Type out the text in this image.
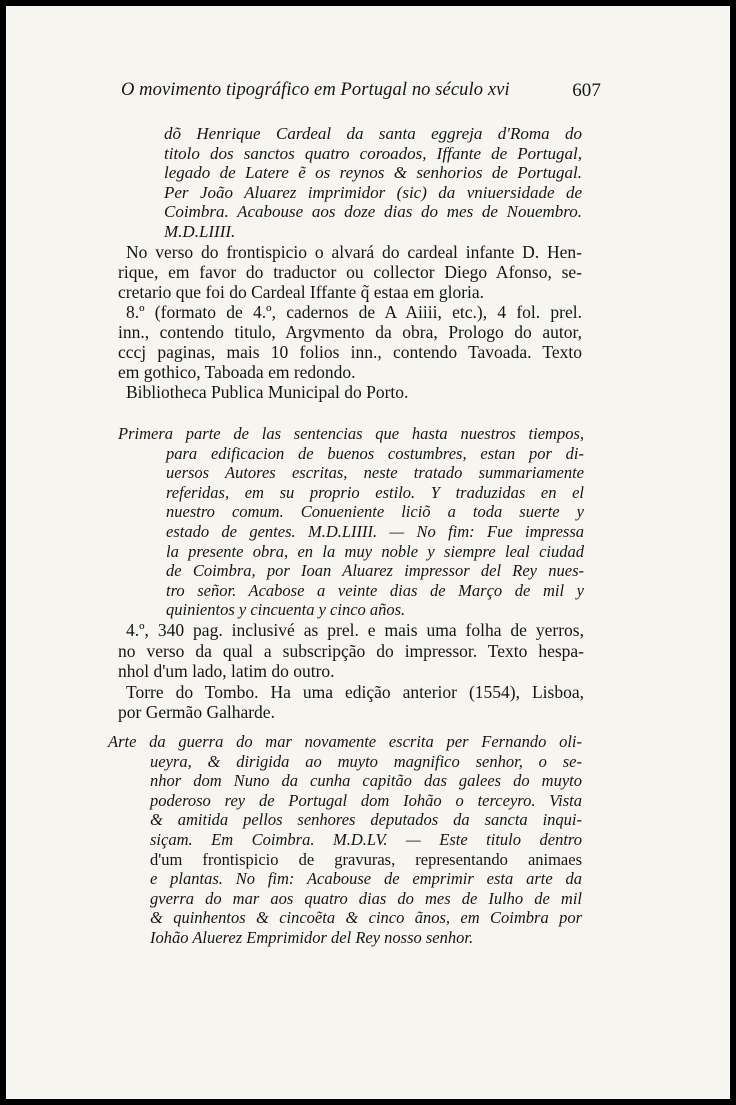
O movimento tipográfico em Portugal no século xvi	607
dõ Henrique Cardeal da santa eggreja d'Roma do
titolo dos sanctos quatro coroados, Iffante de Portugal,
legado de Latere ẽ os reynos & senhorios de Portugal.
Per João Aluarez imprimidor (sic) da vniuersidade de
Coimbra. Acabouse aos doze dias do mes de Nouembro.
M.D.LIIII.
No verso do frontispicio o alvará do cardeal infante D. Hen-
rique, em favor do traductor ou collector Diego Afonso, se-
cretario que foi do Cardeal Iffante q̃ estaa em gloria.
8.º (formato de 4.º, cadernos de A Aiiii, etc.), 4 fol. prel.
inn., contendo titulo, Argvmento da obra, Prologo do autor,
cccj paginas, mais 10 folios inn., contendo Tavoada. Texto
em gothico, Taboada em redondo.
Bibliotheca Publica Municipal do Porto.
Primera parte de las sentencias que hasta nuestros tiempos,
para edificacion de buenos costumbres, estan por di-
uersos Autores escritas, neste tratado summariamente
referidas, em su proprio estilo. Y traduzidas en el
nuestro comum. Conueniente liciõ a toda suerte y
estado de gentes. M.D.LIIII. — No fim: Fue impressa
la presente obra, en la muy noble y siempre leal ciudad
de Coimbra, por Ioan Aluarez impressor del Rey nues-
tro señor. Acabose a veinte dias de Março de mil y
quinientos y cincuenta y cinco años.
4.º, 340 pag. inclusivé as prel. e mais uma folha de yerros,
no verso da qual a subscripção do impressor. Texto hespa-
nhol d'um lado, latim do outro.
Torre do Tombo. Ha uma edição anterior (1554), Lisboa,
por Germão Galharde.
Arte da guerra do mar novamente escrita per Fernando oli-
ueyra, & dirigida ao muyto magnifico senhor, o se-
nhor dom Nuno da cunha capitão das galees do muyto
poderoso rey de Portugal dom Iohão o terceyro. Vista
& amitida pellos senhores deputados da sancta inqui-
siçam. Em Coimbra. M.D.LV. — Este titulo dentro
d'um frontispicio de gravuras, representando animaes
e plantas. No fim: Acabouse de emprimir esta arte da
gverra do mar aos quatro dias do mes de Iulho de mil
& quinhentos & cincoẽta & cinco ãnos, em Coimbra por
Iohão Aluerez Emprimidor del Rey nosso senhor.
